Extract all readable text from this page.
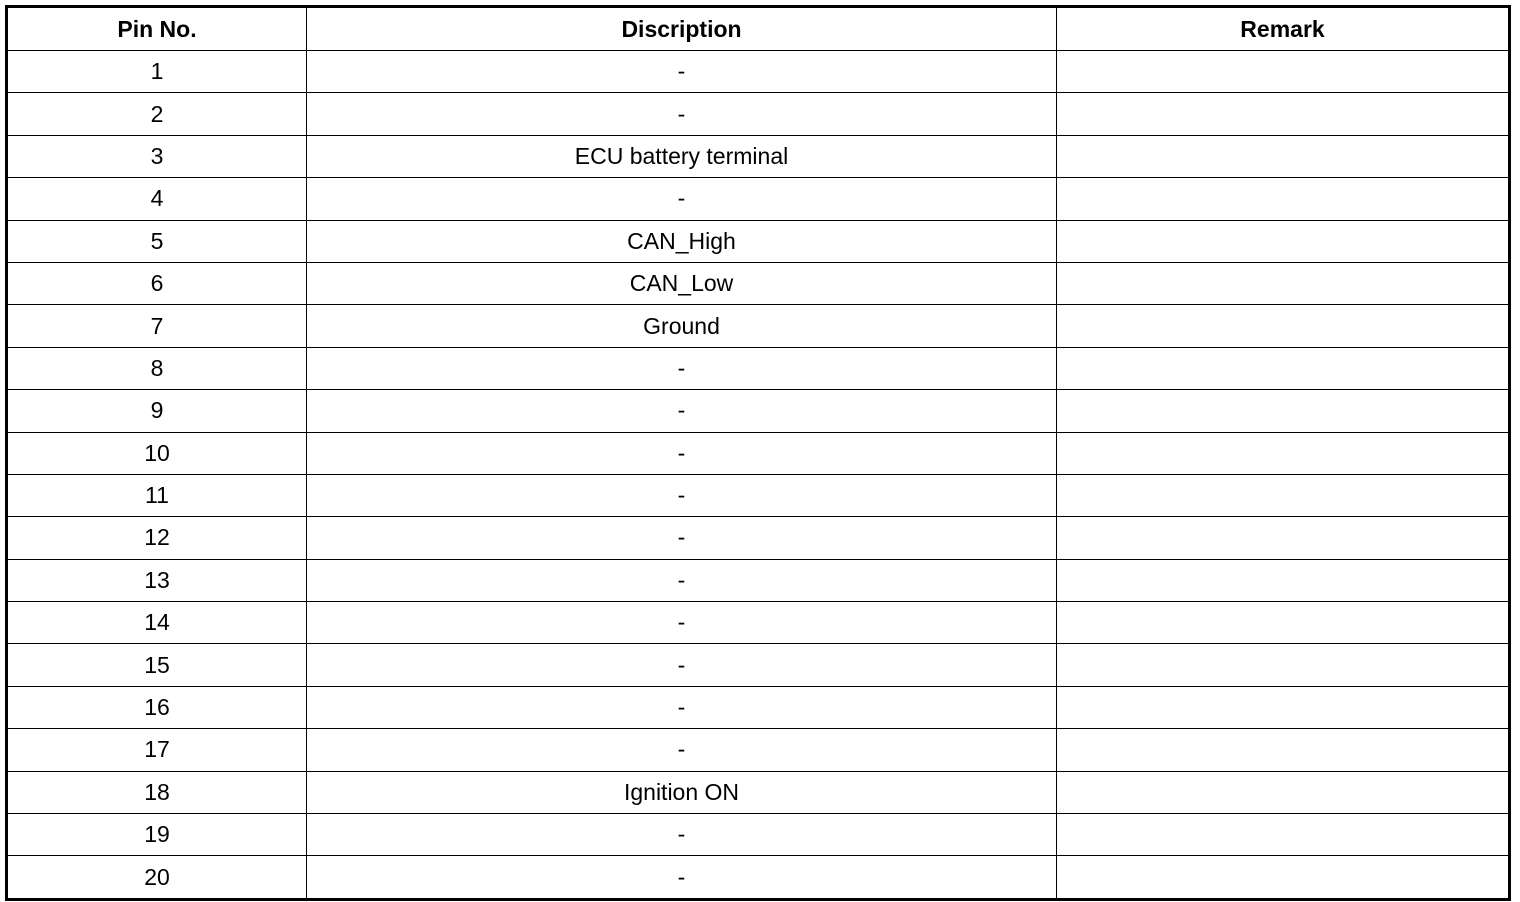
Pin No.	Discription	Remark
1	-	
2	-	
3	ECU battery terminal	
4	-	
5	CAN_High	
6	CAN_Low	
7	Ground	
8	-	
9	-	
10	-	
11	-	
12	-	
13	-	
14	-	
15	-	
16	-	
17	-	
18	Ignition ON	
19	-	
20	-	
